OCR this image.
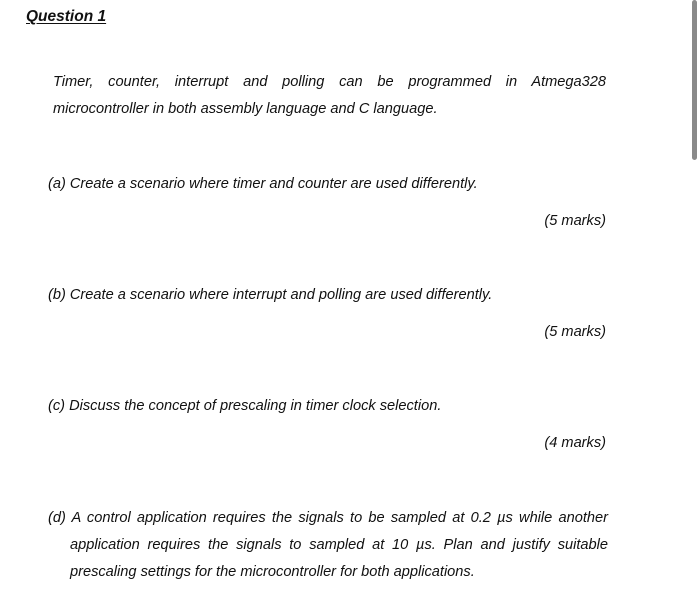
Question 1
Timer, counter, interrupt and polling can be programmed in Atmega328
microcontroller in both assembly language and C language.
(a) Create a scenario where timer and counter are used differently.
(5 marks)
(b) Create a scenario where interrupt and polling are used differently.
(5 marks)
(c) Discuss the concept of prescaling in timer clock selection.
(4 marks)
(d) A control application requires the signals to be sampled at 0.2 µs while another
application requires the signals to sampled at 10 µs. Plan and justify suitable
prescaling settings for the microcontroller for both applications.
